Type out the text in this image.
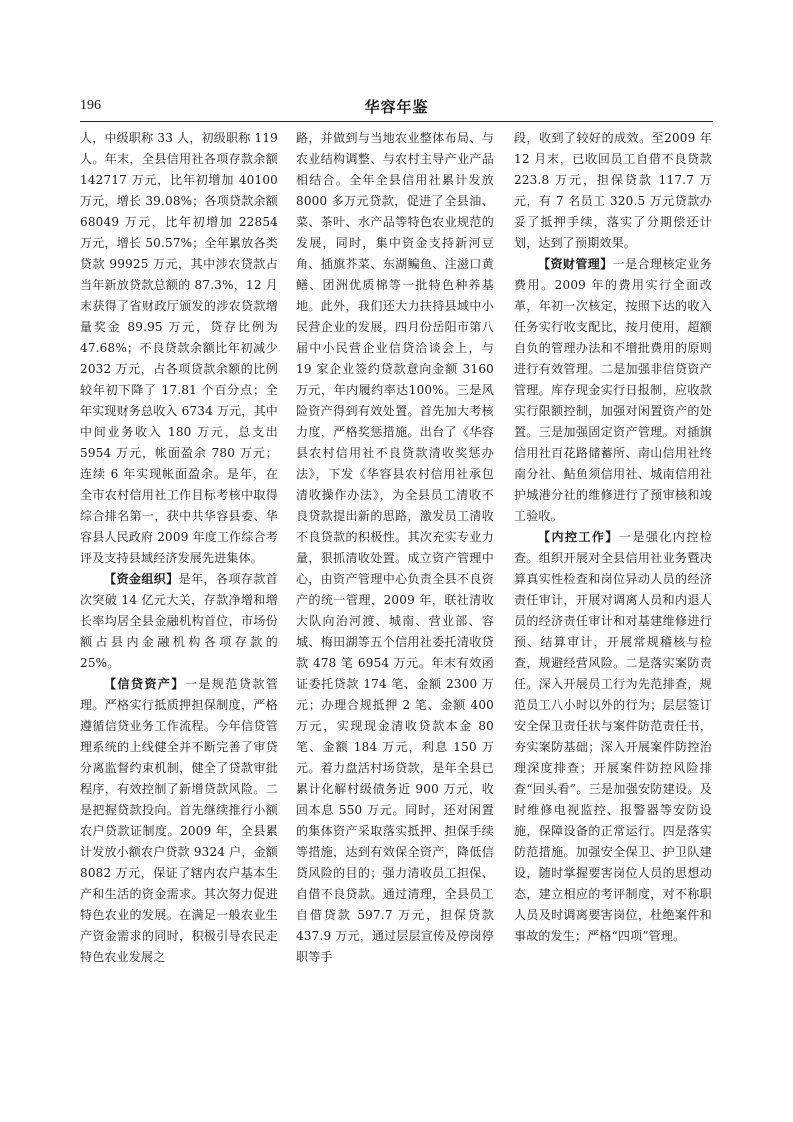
196	华容年鉴

人，中级职称 33 人，初级职称 119 人。年末，全县信用社各项存款余额 142717 万元，比年初增加 40100 万元，增长 39.08%；各项贷款余额 68049 万元，比年初增加 22854 万元，增长 50.57%；全年累放各类贷款 99925 万元，其中涉农贷款占当年新放贷款总额的 87.3%，12 月末获得了省财政厅颁发的涉农贷款增量奖金 89.95 万元，贷存比例为 47.68%；不良贷款余额比年初减少 2032 万元，占各项贷款余额的比例　较年初下降了 17.81 个百分点；全年实现财务总收入 6734 万元，其中中间业务收入 180 万元，总支出 5954 万元，帐面盈余 780 万元；连续 6 年实现帐面盈余。是年，在全市农村信用社工作目标考核中取得综合排名第一，获中共华容县委、华容县人民政府 2009 年度工作综合考评及支持县域经济发展先进集体。

【资金组织】是年，各项存款首次突破 14 亿元大关，存款净增和增长率均居全县金融机构首位，市场份额占县内金融机构各项存款的 25%。

【信贷资产】一是规范贷款管理。严格实行抵质押担保制度，严格遵循信贷业务工作流程。今年信贷管理系统的上线健全并不断完善了审贷分离监督约束机制，健全了贷款审批程序，有效控制了新增贷款风险。二是把握贷款投向。首先继续推行小额农户贷款证制度。2009 年，全县累计发放小额农户贷款 9324 户，金额 8082 万元，保证了辖内农户基本生产和生活的资金需求。其次努力促进特色农业的发展。在满足一般农业生产资金需求的同时，积极引导农民走特色农业发展之

路，并做到与当地农业整体布局、与农业结构调整、与农村主导产业产品相结合。全年全县信用社累计发放 8000 多万元贷款，促进了全县油、菜、茶叶、水产品等特色农业规范的发展，同时，集中资金支持新河豆角、插旗芥菜、东湖鳊鱼、注滋口黄鳝、团洲优质棉等一批特色种养基地。此外，我们还大力扶持县域中小民营企业的发展，四月份岳阳市第八届中小民营企业信贷洽谈会上，与 19 家企业签约贷款意向金额 3160 万元，年内履约率达100%。三是风险资产得到有效处置。首先加大考核力度，严格奖惩措施。出台了《华容县农村信用社不良贷款清收奖惩办法》，下发《华容县农村信用社承包清收操作办法》，为全县员工清收不良贷款提出新的思路，激发员工清收不良贷款的积极性。其次充实专业力量，狠抓清收处置。成立资产管理中心，由资产管理中心负责全县不良资产的统一管理，2009 年，联社清收大队向治河渡、城南、营业部、容城、梅田湖等五个信用社委托清收贷款 478 笔 6954 万元。年末有效函证委托贷款 174 笔、金额 2300 万元；办理合规抵押 2 笔、金额 400 万元，实现现金清收贷款本金 80 笔、金额 184 万元，利息 150 万元。着力盘活村场贷款，是年全县已累计化解村级债务近 900 万元，收回本息 550 万元。同时，还对闲置的集体资产采取落实抵押、担保手续等措施，达到有效保全资产，降低信贷风险的目的；强力清收员工担保、自借不良贷款。通过清理，全县员工自借贷款 597.7 万元，担保贷款 437.9 万元，通过层层宣传及停岗停职等手

段，收到了较好的成效。至2009 年 12 月末，已收回员工自借不良贷款 223.8 万元，担保贷款 117.7 万元，有 7 名员工 320.5 万元贷款办妥了抵押手续，落实了分期偿还计划，达到了预期效果。

【资财管理】一是合理核定业务费用。2009 年的费用实行全面改革，年初一次核定，按照下达的收入任务实行收支配比，按月使用，超额自负的管理办法和不增批费用的原则进行有效管理。二是加强非信贷资产管理。库存现金实行日报制，应收款实行限额控制，加强对闲置资产的处置。三是加强固定资产管理。对插旗信用社百花路储蓄所、南山信用社终南分社、鲇鱼须信用社、城南信用社护城港分社的维修进行了预审核和竣工验收。

【内控工作】一是强化内控检查。组织开展对全县信用社业务暨决算真实性检查和岗位异动人员的经济责任审计，开展对调离人员和内退人员的经济责任审计和对基建维修进行预、结算审计，开展常规稽核与检查，规避经营风险。二是落实案防责任。深入开展员工行为先范排查，规范员工八小时以外的行为；层层签订安全保卫责任状与案件防范责任书，夯实案防基础；深入开展案件防控治理深度排查；开展案件防控风险排查“回头看”。三是加强安防建设。及时维修电视监控、报警器等安防设施，保障设备的正常运行。四是落实防范措施。加强安全保卫、护卫队建设，随时掌握要害岗位人员的思想动态，建立相应的考评制度，对不称职人员及时调离要害岗位，杜绝案件和事故的发生；严格“四项”管理。
